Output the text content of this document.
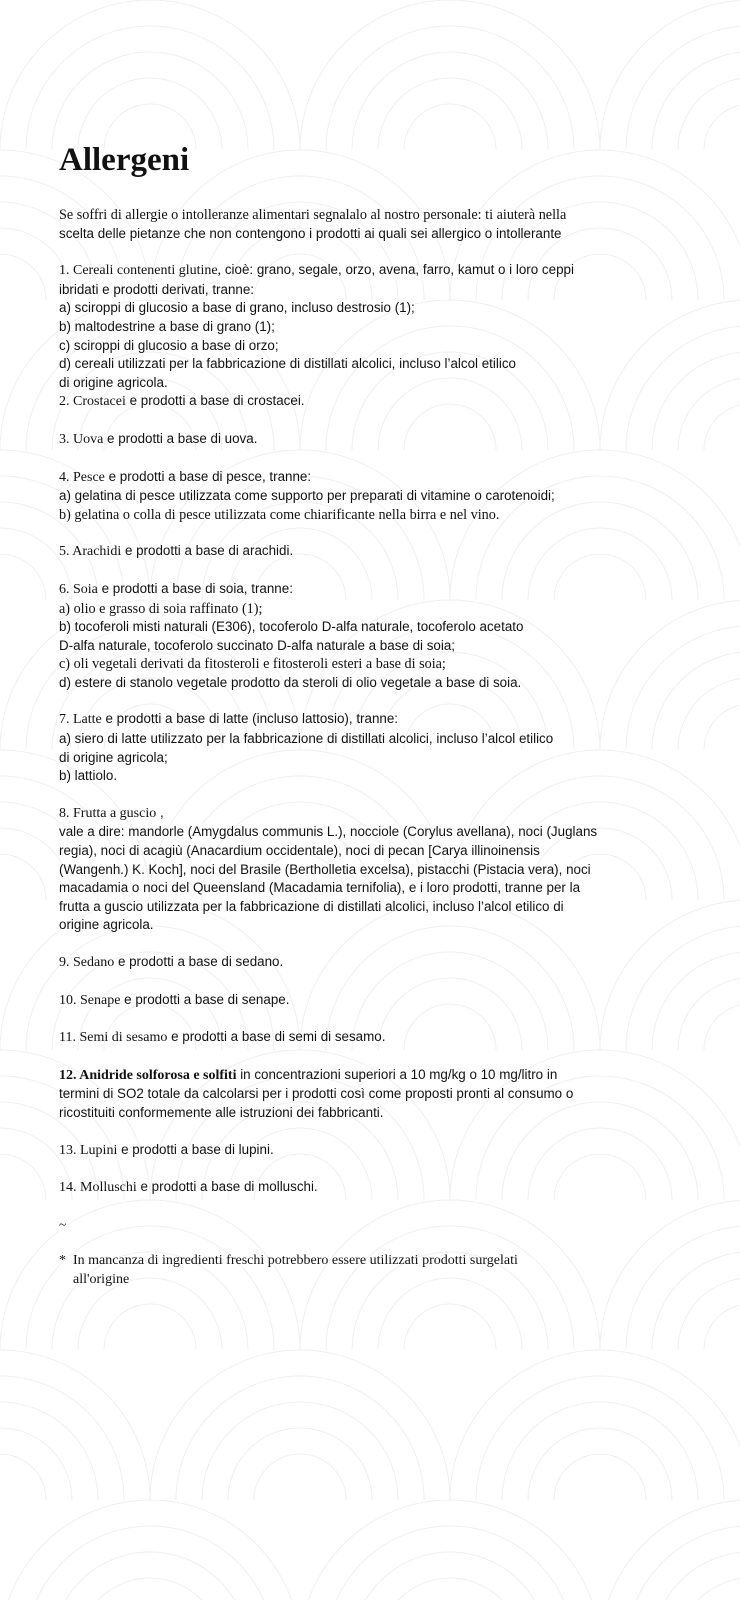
Allergeni
Se soffri di allergie o intolleranze alimentari segnalalo al nostro personale: ti aiuterà nella
scelta delle pietanze che non contengono i prodotti ai quali sei allergico o intollerante

1. Cereali contenenti glutine, cioè: grano, segale, orzo, avena, farro, kamut o i loro ceppi

ibridati e prodotti derivati, tranne:

a) sciroppi di glucosio a base di grano, incluso destrosio (1);

b) maltodestrine a base di grano (1);

c) sciroppi di glucosio a base di orzo;

d) cereali utilizzati per la fabbricazione di distillati alcolici, incluso l’alcol etilico

di origine agricola.

2. Crostacei e prodotti a base di crostacei.

3. Uova e prodotti a base di uova.

4. Pesce e prodotti a base di pesce, tranne:

a) gelatina di pesce utilizzata come supporto per preparati di vitamine o carotenoidi;

b) gelatina o colla di pesce utilizzata come chiarificante nella birra e nel vino.

5. Arachidi e prodotti a base di arachidi.

6. Soia e prodotti a base di soia, tranne:

a) olio e grasso di soia raffinato (1);

b) tocoferoli misti naturali (E306), tocoferolo D-alfa naturale, tocoferolo acetato

D-alfa naturale, tocoferolo succinato D-alfa naturale a base di soia;

c) oli vegetali derivati da fitosteroli e fitosteroli esteri a base di soia;

d) estere di stanolo vegetale prodotto da steroli di olio vegetale a base di soia.

7. Latte e prodotti a base di latte (incluso lattosio), tranne:

a) siero di latte utilizzato per la fabbricazione di distillati alcolici, incluso l’alcol etilico

di origine agricola;

b) lattiolo.

8. Frutta a guscio ,

vale a dire: mandorle (Amygdalus communis L.), nocciole (Corylus avellana), noci (Juglans

regia), noci di acagiù (Anacardium occidentale), noci di pecan [Carya illinoinensis

(Wangenh.) K. Koch], noci del Brasile (Bertholletia excelsa), pistacchi (Pistacia vera), noci

macadamia o noci del Queensland (Macadamia ternifolia), e i loro prodotti, tranne per la

frutta a guscio utilizzata per la fabbricazione di distillati alcolici, incluso l’alcol etilico di

origine agricola.

9. Sedano e prodotti a base di sedano.

10. Senape e prodotti a base di senape.

11. Semi di sesamo e prodotti a base di semi di sesamo.

12. Anidride solforosa e solfiti in concentrazioni superiori a 10 mg/kg o 10 mg/litro in

termini di SO2 totale da calcolarsi per i prodotti così come proposti pronti al consumo o

ricostituiti conformemente alle istruzioni dei fabbricanti.

13. Lupini e prodotti a base di lupini.

14. Molluschi e prodotti a base di molluschi.

~

* In mancanza di ingredienti freschi potrebbero essere utilizzati prodotti surgelati
all'origine
